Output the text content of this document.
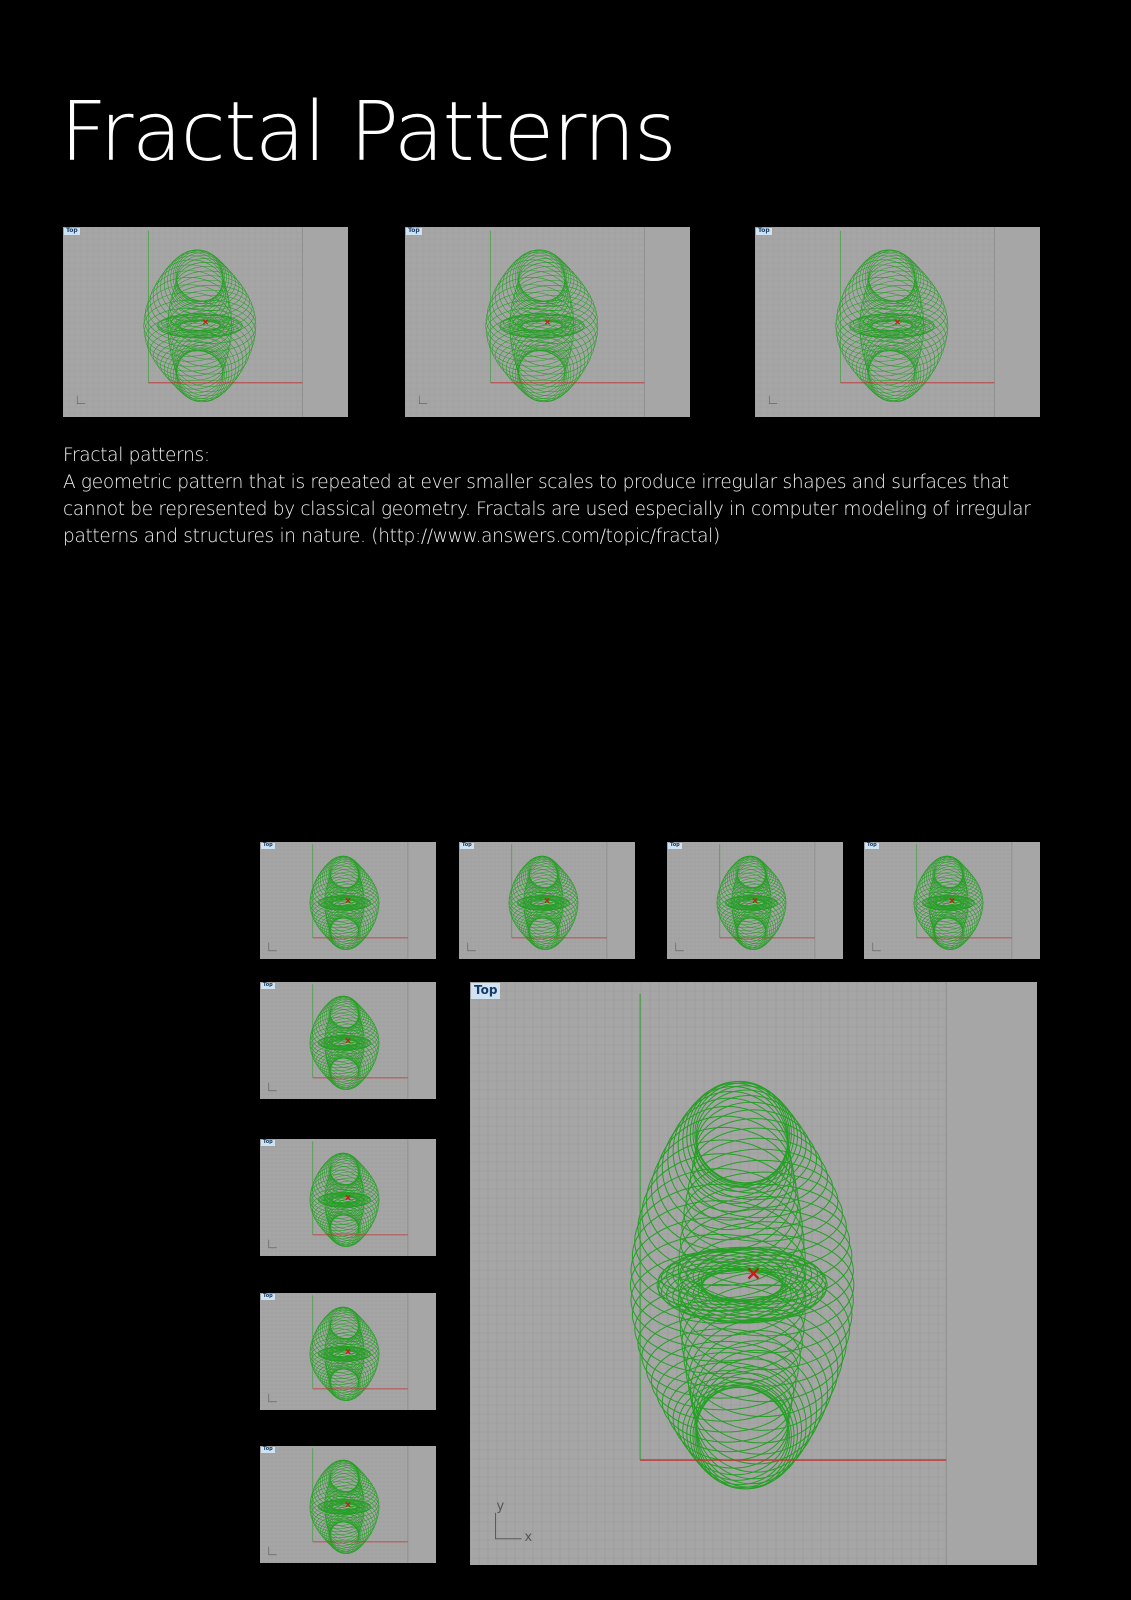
Fractal Patterns
Top	Top	Top
Top	Top	Top	Top
Top
Top
Top
Top
Top
y
x

Fractal patterns:

A geometric pattern that is repeated at ever smaller scales to produce irregular shapes and surfaces that cannot be represented by classical geometry. Fractals are used especially in computer modeling of irregular patterns and structures in nature. (http://www.answers.com/topic/fractal)
